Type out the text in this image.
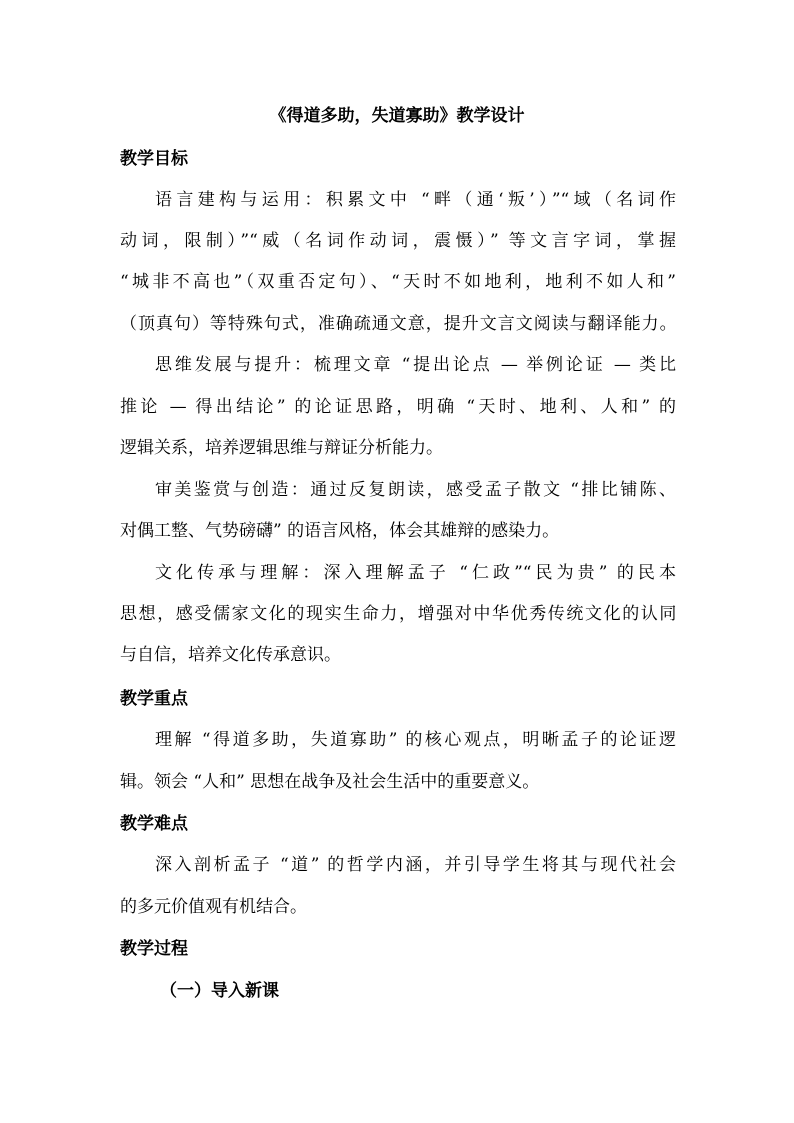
《得道多助，失道寡助》教学设计
教学目标
语言建构与运用：积累文中 “畔（通‘叛’）”“域（名词作
动词，限制）”“威（名词作动词，震慑）” 等文言字词，掌握
“城非不高也”（双重否定句）、“天时不如地利，地利不如人和”
（顶真句）等特殊句式，准确疏通文意，提升文言文阅读与翻译能力。
思维发展与提升：梳理文章 “提出论点 — 举例论证 — 类比
推论 — 得出结论” 的论证思路，明确 “天时、地利、人和” 的
逻辑关系，培养逻辑思维与辩证分析能力。
审美鉴赏与创造：通过反复朗读，感受孟子散文 “排比铺陈、
对偶工整、气势磅礴” 的语言风格，体会其雄辩的感染力。
文化传承与理解：深入理解孟子 “仁政”“民为贵” 的民本
思想，感受儒家文化的现实生命力，增强对中华优秀传统文化的认同
与自信，培养文化传承意识。
教学重点
理解 “得道多助，失道寡助” 的核心观点，明晰孟子的论证逻
辑。领会 “人和” 思想在战争及社会生活中的重要意义。
教学难点
深入剖析孟子 “道” 的哲学内涵，并引导学生将其与现代社会
的多元价值观有机结合。
教学过程
（一）导入新课
